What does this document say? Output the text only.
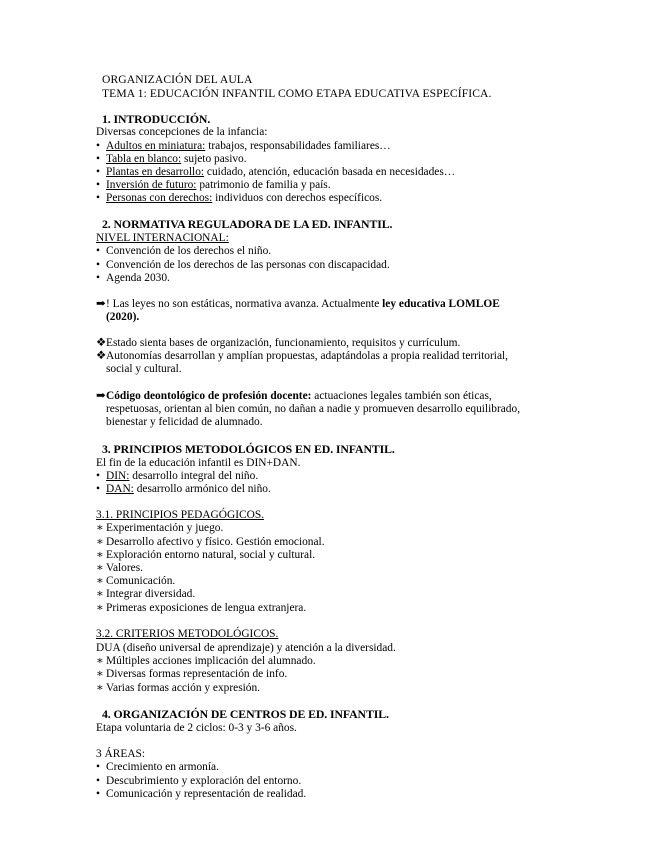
ORGANIZACIÓN DEL AULA
TEMA 1: EDUCACIÓN INFANTIL COMO ETAPA EDUCATIVA ESPECÍFICA.
1. INTRODUCCIÓN.
Diversas concepciones de la infancia:
• Adultos en miniatura: trabajos, responsabilidades familiares…
• Tabla en blanco: sujeto pasivo.
• Plantas en desarrollo: cuidado, atención, educación basada en necesidades…
• Inversión de futuro: patrimonio de familia y país.
• Personas con derechos: individuos con derechos específicos.
2. NORMATIVA REGULADORA DE LA ED. INFANTIL.
NIVEL INTERNACIONAL:
• Convención de los derechos el niño.
• Convención de los derechos de las personas con discapacidad.
• Agenda 2030.
➡! Las leyes no son estáticas, normativa avanza. Actualmente ley educativa LOMLOE
(2020).
❖Estado sienta bases de organización, funcionamiento, requisitos y currículum.
❖Autonomías desarrollan y amplían propuestas, adaptándolas a propia realidad territorial,
social y cultural.
➡Código deontológico de profesión docente: actuaciones legales también son éticas,
respetuosas, orientan al bien común, no dañan a nadie y promueven desarrollo equilibrado,
bienestar y felicidad de alumnado.
3. PRINCIPIOS METODOLÓGICOS EN ED. INFANTIL.
El fin de la educación infantil es DIN+DAN.
• DIN: desarrollo integral del niño.
• DAN: desarrollo armónico del niño.
3.1. PRINCIPIOS PEDAGÓGICOS.
∗ Experimentación y juego.
∗ Desarrollo afectivo y físico. Gestión emocional.
∗ Exploración entorno natural, social y cultural.
∗ Valores.
∗ Comunicación.
∗ Integrar diversidad.
∗ Primeras exposiciones de lengua extranjera.
3.2. CRITERIOS METODOLÓGICOS.
DUA (diseño universal de aprendizaje) y atención a la diversidad.
∗ Múltiples acciones implicación del alumnado.
∗ Diversas formas representación de info.
∗ Varias formas acción y expresión.
4. ORGANIZACIÓN DE CENTROS DE ED. INFANTIL.
Etapa voluntaria de 2 ciclos: 0-3 y 3-6 años.
3 ÁREAS:
• Crecimiento en armonía.
• Descubrimiento y exploración del entorno.
• Comunicación y representación de realidad.
